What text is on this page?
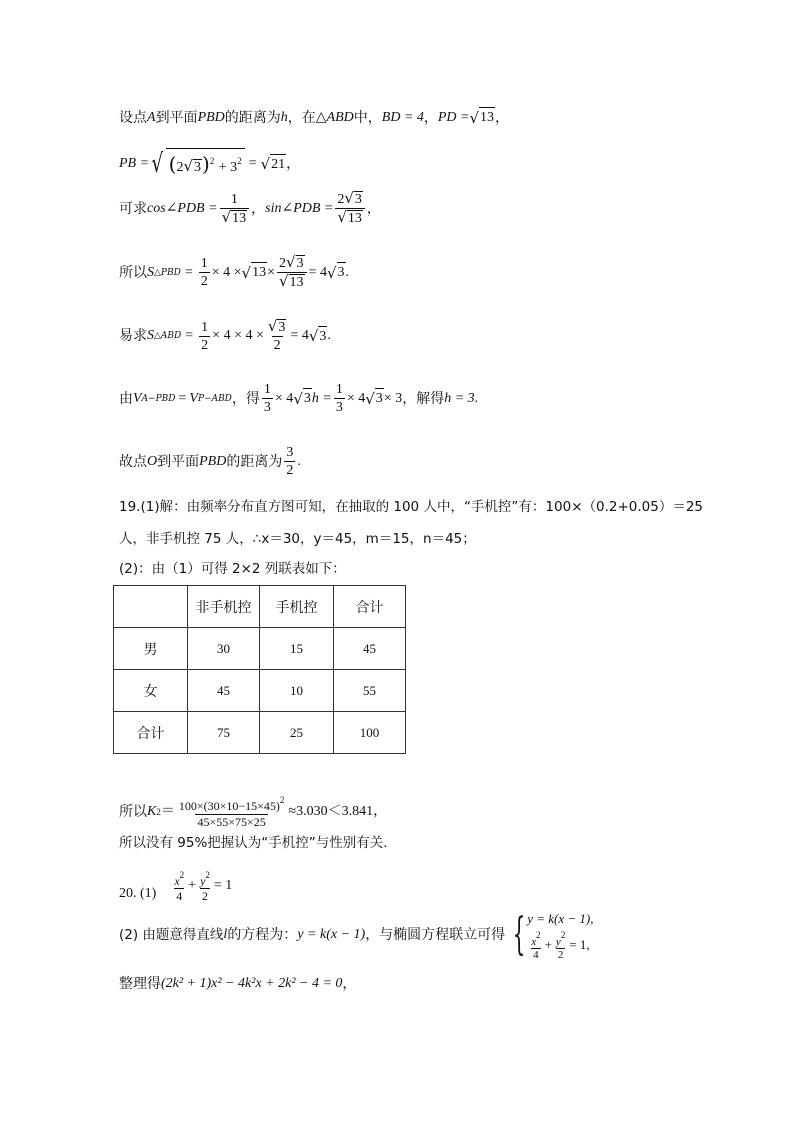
设点 A 到平面 PBD 的距离为 h ，在 △ABD 中， BD = 4 ， PD = √ 13 ，
PB = √ $(2√3)^2 + 3^2$ = √ 21 ，
可求 cos∠PDB = $\frac{1}{√13}$ ， sin∠PDB = $\frac{2√3}{√13}$ ，
所以 S △PBD = $\frac{1}{2} \times 4$ × √ $13 \times \frac{2√3}{√13} = 4$ √ 3 .
易求 S △ABD = $\frac{1}{2} \times 4 \times 4 \times \frac{√3}{2} = 4$ √ 3 .
由 V A−PBD = V P−ABD ，得 $\frac{1}{3} \times 4$ √ 3 $h = \frac{1}{3} \times 4$ √ 3 × 3 ，解得 h = 3 .
故点 O 到平面 PBD 的距离为 $\frac{3}{2}$ .
19.(1)解：由频率分布直方图可知，在抽取的 100 人中，“手机控”有：100×（0.2+0.05）＝25
人，非手机控 75 人，∴x＝30，y＝45，m＝15，n＝45；
(2)：由（1）可得 2×2 列联表如下：
	非手机控	手机控	合计
男	30	15	45
女	45	10	55
合计	75	25	100
所以 K $2 = \frac{100\times(30\times 10-15\times 45)^2}{45\times 55\times 75\times 25} \approx 3.030<3.841$，
所以没有 95%把握认为“手机控”与性别有关.
20. $(1) \frac{x^2}{4} + \frac{y^2}{2} = 1$
(2) 由题意得直线 l 的方程为： y = k(x − 1) ，与椭圆方程联立可得 { y = k(x − 1),
$\frac{x^2}{4} + \frac{y^2}{2} = 1$,
整理得 (2k² + 1)x² − 4k²x + 2k² − 4 = 0 ，
